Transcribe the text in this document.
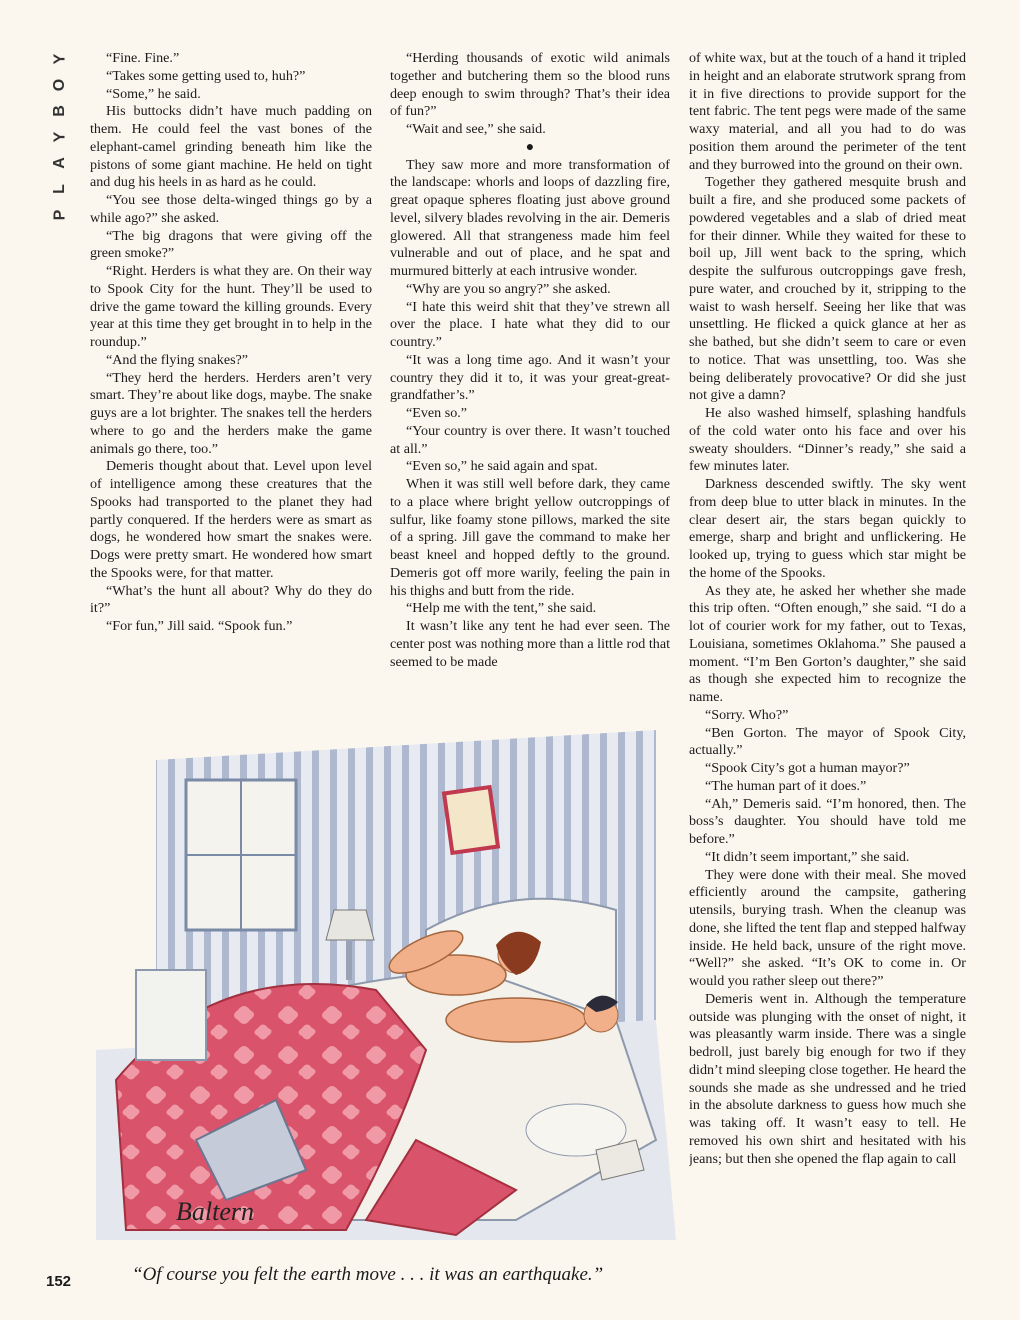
Y
O
B
Y
A
L
P

“Fine. Fine.”

“Takes some getting used to, huh?”

“Some,” he said.

His buttocks didn’t have much padding on them. He could feel the vast bones of the elephant-camel grinding beneath him like the pistons of some giant machine. He held on tight and dug his heels in as hard as he could.

“You see those delta-winged things go by a while ago?” she asked.

“The big dragons that were giving off the green smoke?”

“Right. Herders is what they are. On their way to Spook City for the hunt. They’ll be used to drive the game toward the killing grounds. Every year at this time they get brought in to help in the roundup.”

“And the flying snakes?”

“They herd the herders. Herders aren’t very smart. They’re about like dogs, maybe. The snake guys are a lot brighter. The snakes tell the herders where to go and the herders make the game animals go there, too.”

Demeris thought about that. Level upon level of intelligence among these creatures that the Spooks had transported to the planet they had partly conquered. If the herders were as smart as dogs, he wondered how smart the snakes were. Dogs were pretty smart. He wondered how smart the Spooks were, for that matter.

“What’s the hunt all about? Why do they do it?”

“For fun,” Jill said. “Spook fun.”

“Herding thousands of exotic wild animals together and butchering them so the blood runs deep enough to swim through? That’s their idea of fun?”

“Wait and see,” she said.

●

They saw more and more transformation of the landscape: whorls and loops of dazzling fire, great opaque spheres floating just above ground level, silvery blades revolving in the air. Demeris glowered. All that strangeness made him feel vulnerable and out of place, and he spat and murmured bitterly at each intrusive wonder.

“Why are you so angry?” she asked.

“I hate this weird shit that they’ve strewn all over the place. I hate what they did to our country.”

“It was a long time ago. And it wasn’t your country they did it to, it was your great-great-grandfather’s.”

“Even so.”

“Your country is over there. It wasn’t touched at all.”

“Even so,” he said again and spat.

When it was still well before dark, they came to a place where bright yellow outcroppings of sulfur, like foamy stone pillows, marked the site of a spring. Jill gave the command to make her beast kneel and hopped deftly to the ground. Demeris got off more warily, feeling the pain in his thighs and butt from the ride.

“Help me with the tent,” she said.

It wasn’t like any tent he had ever seen. The center post was nothing more than a little rod that seemed to be made

of white wax, but at the touch of a hand it tripled in height and an elaborate strutwork sprang from it in five directions to provide support for the tent fabric. The tent pegs were made of the same waxy material, and all you had to do was position them around the perimeter of the tent and they burrowed into the ground on their own.

Together they gathered mesquite brush and built a fire, and she produced some packets of powdered vegetables and a slab of dried meat for their dinner. While they waited for these to boil up, Jill went back to the spring, which despite the sulfurous outcroppings gave fresh, pure water, and crouched by it, stripping to the waist to wash herself. Seeing her like that was unsettling. He flicked a quick glance at her as she bathed, but she didn’t seem to care or even to notice. That was unsettling, too. Was she being deliberately provocative? Or did she just not give a damn?

He also washed himself, splashing handfuls of the cold water onto his face and over his sweaty shoulders. “Dinner’s ready,” she said a few minutes later.

Darkness descended swiftly. The sky went from deep blue to utter black in minutes. In the clear desert air, the stars began quickly to emerge, sharp and bright and unflickering. He looked up, trying to guess which star might be the home of the Spooks.

As they ate, he asked her whether she made this trip often. “Often enough,” she said. “I do a lot of courier work for my father, out to Texas, Louisiana, sometimes Oklahoma.” She paused a moment. “I’m Ben Gorton’s daughter,” she said as though she expected him to recognize the name.

“Sorry. Who?”

“Ben Gorton. The mayor of Spook City, actually.”

“Spook City’s got a human mayor?”

“The human part of it does.”

“Ah,” Demeris said. “I’m honored, then. The boss’s daughter. You should have told me before.”

“It didn’t seem important,” she said.

They were done with their meal. She moved efficiently around the campsite, gathering utensils, burying trash. When the cleanup was done, she lifted the tent flap and stepped halfway inside. He held back, unsure of the right move. “Well?” she asked. “It’s OK to come in. Or would you rather sleep out there?”

Demeris went in. Although the temperature outside was plunging with the onset of night, it was pleasantly warm inside. There was a single bedroll, just barely big enough for two if they didn’t mind sleeping close together. He heard the sounds she made as she undressed and he tried in the absolute darkness to guess how much she was taking off. It wasn’t easy to tell. He removed his own shirt and hesitated with his jeans; but then she opened the flap again to call

Baltern
152	“Of course you felt the earth move . . . it was an earthquake.”
